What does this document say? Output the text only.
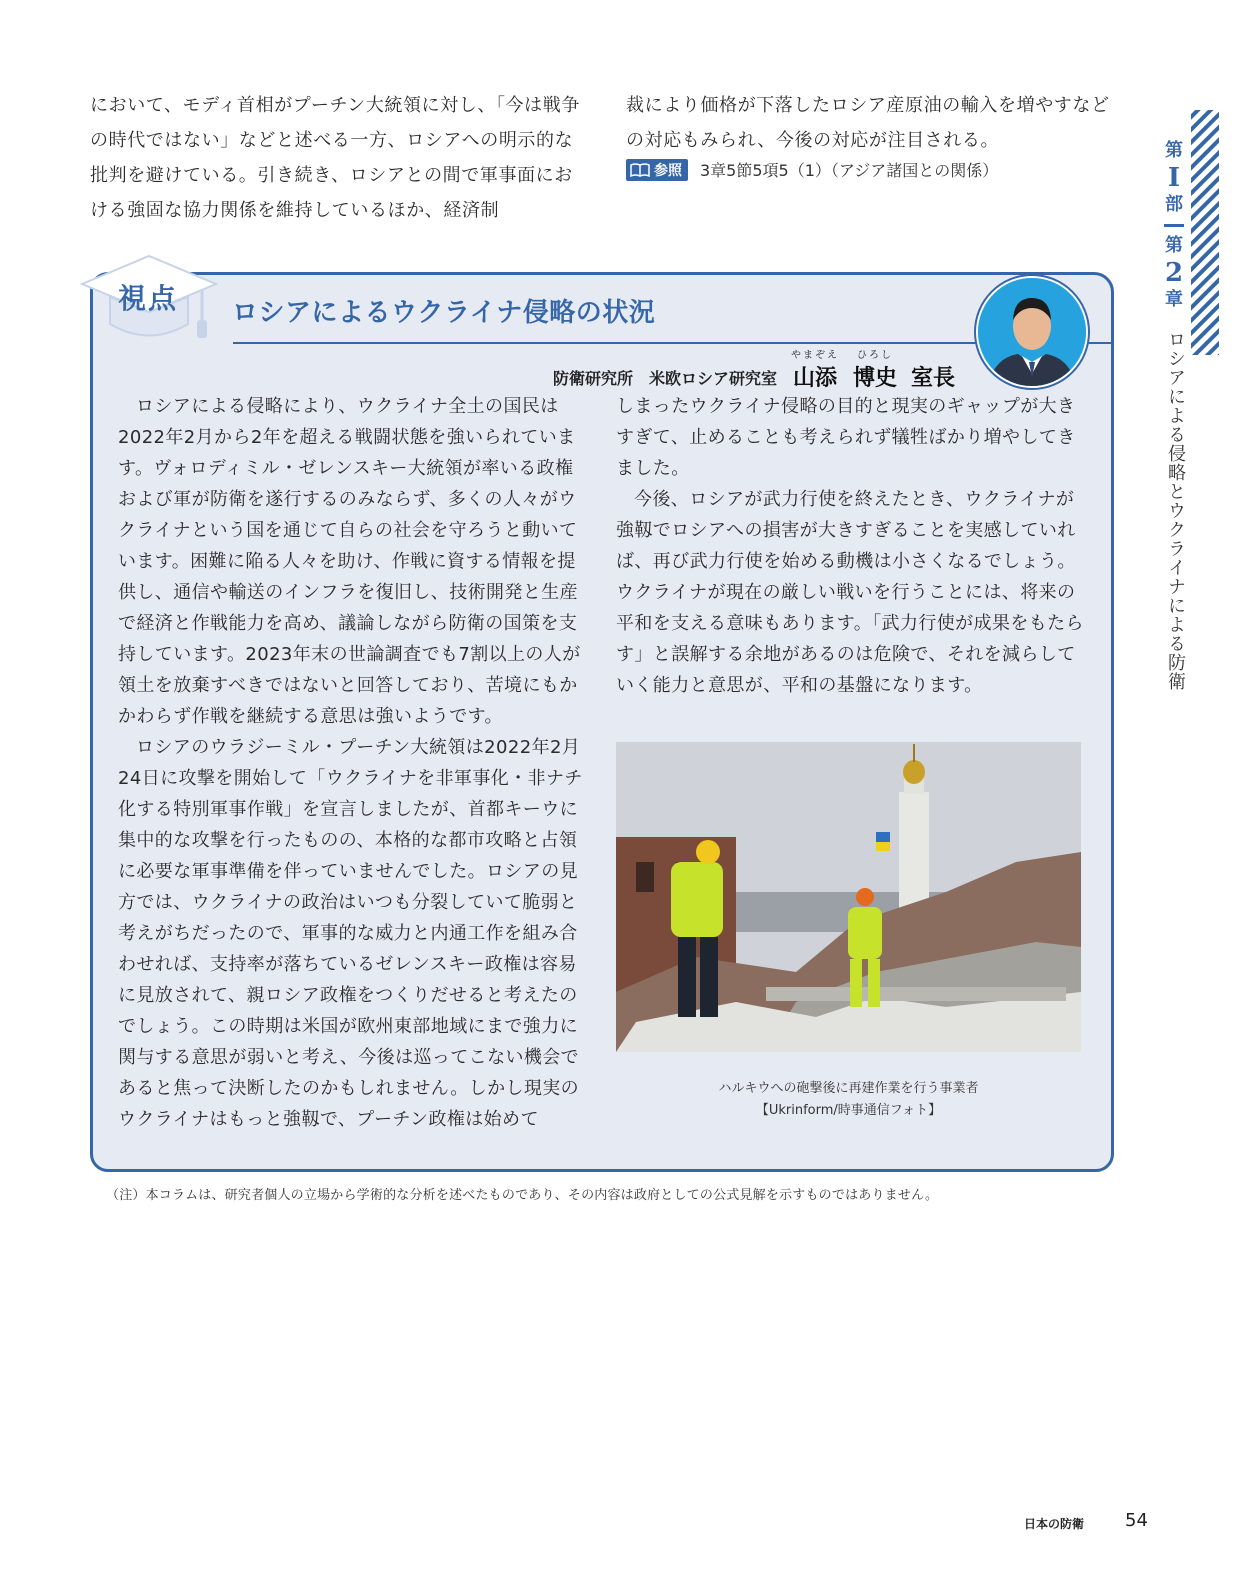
において、モディ首相がプーチン大統領に対し、「今は戦争の時代ではない」などと述べる一方、ロシアへの明示的な批判を避けている。引き続き、ロシアとの間で軍事面における強固な協力関係を維持しているほか、経済制

裁により価格が下落したロシア産原油の輸入を増やすなどの対応もみられ、今後の対応が注目される。

参照 3章5節5項5（1）（アジア諸国との関係）
第
I
部
第
2
章
ロシアによる侵略とウクライナによる防衛
視点 ロシアによるウクライナ侵略の状況
防衛研究所　米欧ロシア研究室
やまぞえ
山添
ひろし
博史
室長

ロシアによる侵略により、ウクライナ全土の国民は2022年2月から2年を超える戦闘状態を強いられています。ヴォロディミル・ゼレンスキー大統領が率いる政権および軍が防衛を遂行するのみならず、多くの人々がウクライナという国を通じて自らの社会を守ろうと動いています。困難に陥る人々を助け、作戦に資する情報を提供し、通信や輸送のインフラを復旧し、技術開発と生産で経済と作戦能力を高め、議論しながら防衛の国策を支持しています。2023年末の世論調査でも7割以上の人が領土を放棄すべきではないと回答しており、苦境にもかかわらず作戦を継続する意思は強いようです。

ロシアのウラジーミル・プーチン大統領は2022年2月24日に攻撃を開始して「ウクライナを非軍事化・非ナチ化する特別軍事作戦」を宣言しましたが、首都キーウに集中的な攻撃を行ったものの、本格的な都市攻略と占領に必要な軍事準備を伴っていませんでした。ロシアの見方では、ウクライナの政治はいつも分裂していて脆弱と考えがちだったので、軍事的な威力と内通工作を組み合わせれば、支持率が落ちているゼレンスキー政権は容易に見放されて、親ロシア政権をつくりだせると考えたのでしょう。この時期は米国が欧州東部地域にまで強力に関与する意思が弱いと考え、今後は巡ってこない機会であると焦って決断したのかもしれません。しかし現実のウクライナはもっと強靱で、プーチン政権は始めて

しまったウクライナ侵略の目的と現実のギャップが大きすぎて、止めることも考えられず犠牲ばかり増やしてきました。

今後、ロシアが武力行使を終えたとき、ウクライナが強靱でロシアへの損害が大きすぎることを実感していれば、再び武力行使を始める動機は小さくなるでしょう。ウクライナが現在の厳しい戦いを行うことには、将来の平和を支える意味もあります。「武力行使が成果をもたらす」と誤解する余地があるのは危険で、それを減らしていく能力と意思が、平和の基盤になります。

ハルキウへの砲撃後に再建作業を行う事業者
【Ukrinform/時事通信フォト】
（注）本コラムは、研究者個人の立場から学術的な分析を述べたものであり、その内容は政府としての公式見解を示すものではありません。
日本の防衛 54
